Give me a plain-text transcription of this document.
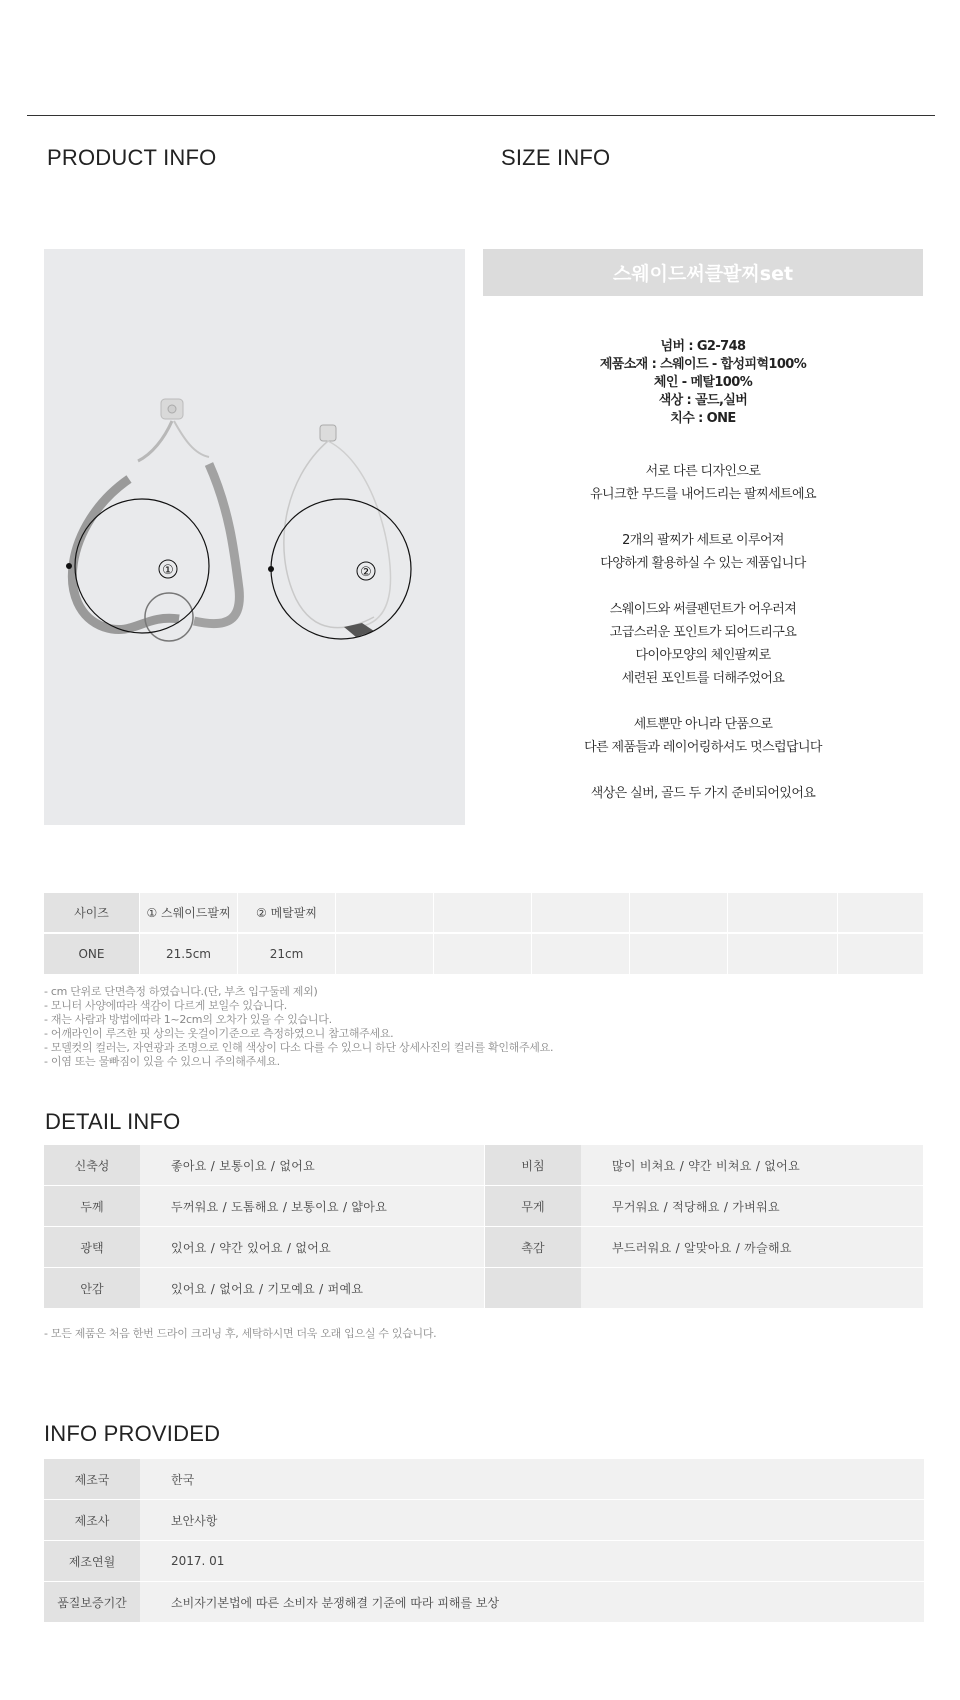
PRODUCT INFO	SIZE INFO
①	②
스웨이드써클팔찌set
넘버 : G2-748
제품소재 : 스웨이드 - 합성피혁100%
체인 - 메탈100%
색상 : 골드,실버
치수 : ONE
서로 다른 디자인으로
유니크한 무드를 내어드리는 팔찌세트에요
2개의 팔찌가 세트로 이루어져
다양하게 활용하실 수 있는 제품입니다
스웨이드와 써클펜던트가 어우러져
고급스러운 포인트가 되어드리구요
다이아모양의 체인팔찌로
세련된 포인트를 더해주었어요
세트뿐만 아니라 단품으로
다른 제품들과 레이어링하셔도 멋스럽답니다
색상은 실버, 골드 두 가지 준비되어있어요
사이즈	① 스웨이드팔찌	② 메탈팔찌						
ONE	21.5cm	21cm						
- cm 단위로 단면측정 하였습니다.(단, 부츠 입구둘레 제외)
- 모니터 사양에따라 색감이 다르게 보일수 있습니다.
- 재는 사람과 방법에따라 1~2cm의 오차가 있을 수 있습니다.
- 어깨라인이 루즈한 핏 상의는 옷걸이기준으로 측정하였으니 참고해주세요.
- 모델컷의 컬러는, 자연광과 조명으로 인해 색상이 다소 다를 수 있으니 하단 상세사진의 컬러를 확인해주세요.
- 이염 또는 물빠짐이 있을 수 있으니 주의해주세요.
DETAIL INFO
신축성	좋아요 / 보통이요 / 없어요	비침	많이 비쳐요 / 약간 비쳐요 / 없어요
두께	두꺼워요 / 도톰해요 / 보통이요 / 얇아요	무게	무거워요 / 적당해요 / 가벼워요
광택	있어요 / 약간 있어요 / 없어요	촉감	부드러워요 / 알맞아요 / 까슬해요
안감	있어요 / 없어요 / 기모예요 / 퍼예요		
- 모든 제품은 처음 한번 드라이 크리닝 후, 세탁하시면 더욱 오래 입으실 수 있습니다.
INFO PROVIDED
제조국	한국
제조사	보안사항
제조연월	2017. 01
품질보증기간	소비자기본법에 따른 소비자 분쟁해결 기준에 따라 피해를 보상
